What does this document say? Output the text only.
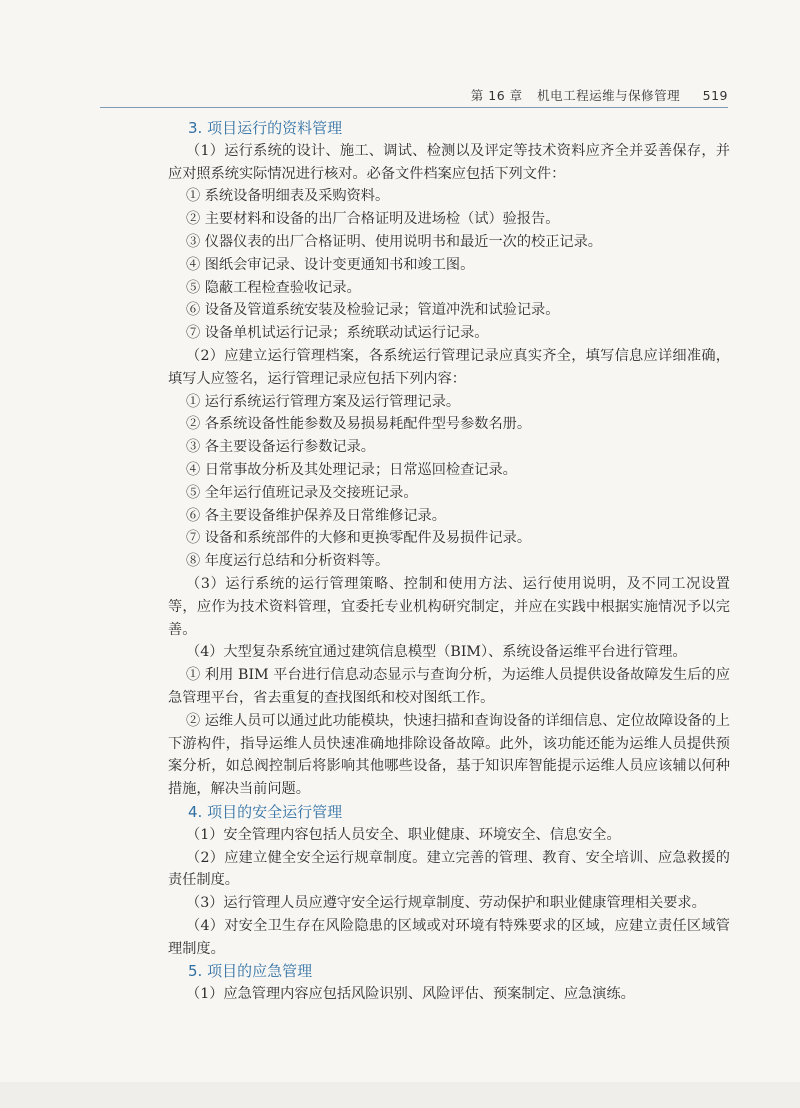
第 16 章 机电工程运维与保修管理 519
3. 项目运行的资料管理
（1）运行系统的设计、施工、调试、检测以及评定等技术资料应齐全并妥善保存，并应对照系统实际情况进行核对。必备文件档案应包括下列文件：
① 系统设备明细表及采购资料。
② 主要材料和设备的出厂合格证明及进场检（试）验报告。
③ 仪器仪表的出厂合格证明、使用说明书和最近一次的校正记录。
④ 图纸会审记录、设计变更通知书和竣工图。
⑤ 隐蔽工程检查验收记录。
⑥ 设备及管道系统安装及检验记录；管道冲洗和试验记录。
⑦ 设备单机试运行记录；系统联动试运行记录。
（2）应建立运行管理档案，各系统运行管理记录应真实齐全，填写信息应详细准确，填写人应签名，运行管理记录应包括下列内容：
① 运行系统运行管理方案及运行管理记录。
② 各系统设备性能参数及易损易耗配件型号参数名册。
③ 各主要设备运行参数记录。
④ 日常事故分析及其处理记录；日常巡回检查记录。
⑤ 全年运行值班记录及交接班记录。
⑥ 各主要设备维护保养及日常维修记录。
⑦ 设备和系统部件的大修和更换零配件及易损件记录。
⑧ 年度运行总结和分析资料等。
（3）运行系统的运行管理策略、控制和使用方法、运行使用说明，及不同工况设置等，应作为技术资料管理，宜委托专业机构研究制定，并应在实践中根据实施情况予以完善。
（4）大型复杂系统宜通过建筑信息模型（BIM）、系统设备运维平台进行管理。
① 利用 BIM 平台进行信息动态显示与查询分析，为运维人员提供设备故障发生后的应急管理平台，省去重复的查找图纸和校对图纸工作。
② 运维人员可以通过此功能模块，快速扫描和查询设备的详细信息、定位故障设备的上下游构件，指导运维人员快速准确地排除设备故障。此外，该功能还能为运维人员提供预案分析，如总阀控制后将影响其他哪些设备，基于知识库智能提示运维人员应该辅以何种措施，解决当前问题。
4. 项目的安全运行管理
（1）安全管理内容包括人员安全、职业健康、环境安全、信息安全。
（2）应建立健全安全运行规章制度。建立完善的管理、教育、安全培训、应急救援的责任制度。
（3）运行管理人员应遵守安全运行规章制度、劳动保护和职业健康管理相关要求。
（4）对安全卫生存在风险隐患的区域或对环境有特殊要求的区域，应建立责任区域管理制度。
5. 项目的应急管理
（1）应急管理内容应包括风险识别、风险评估、预案制定、应急演练。
